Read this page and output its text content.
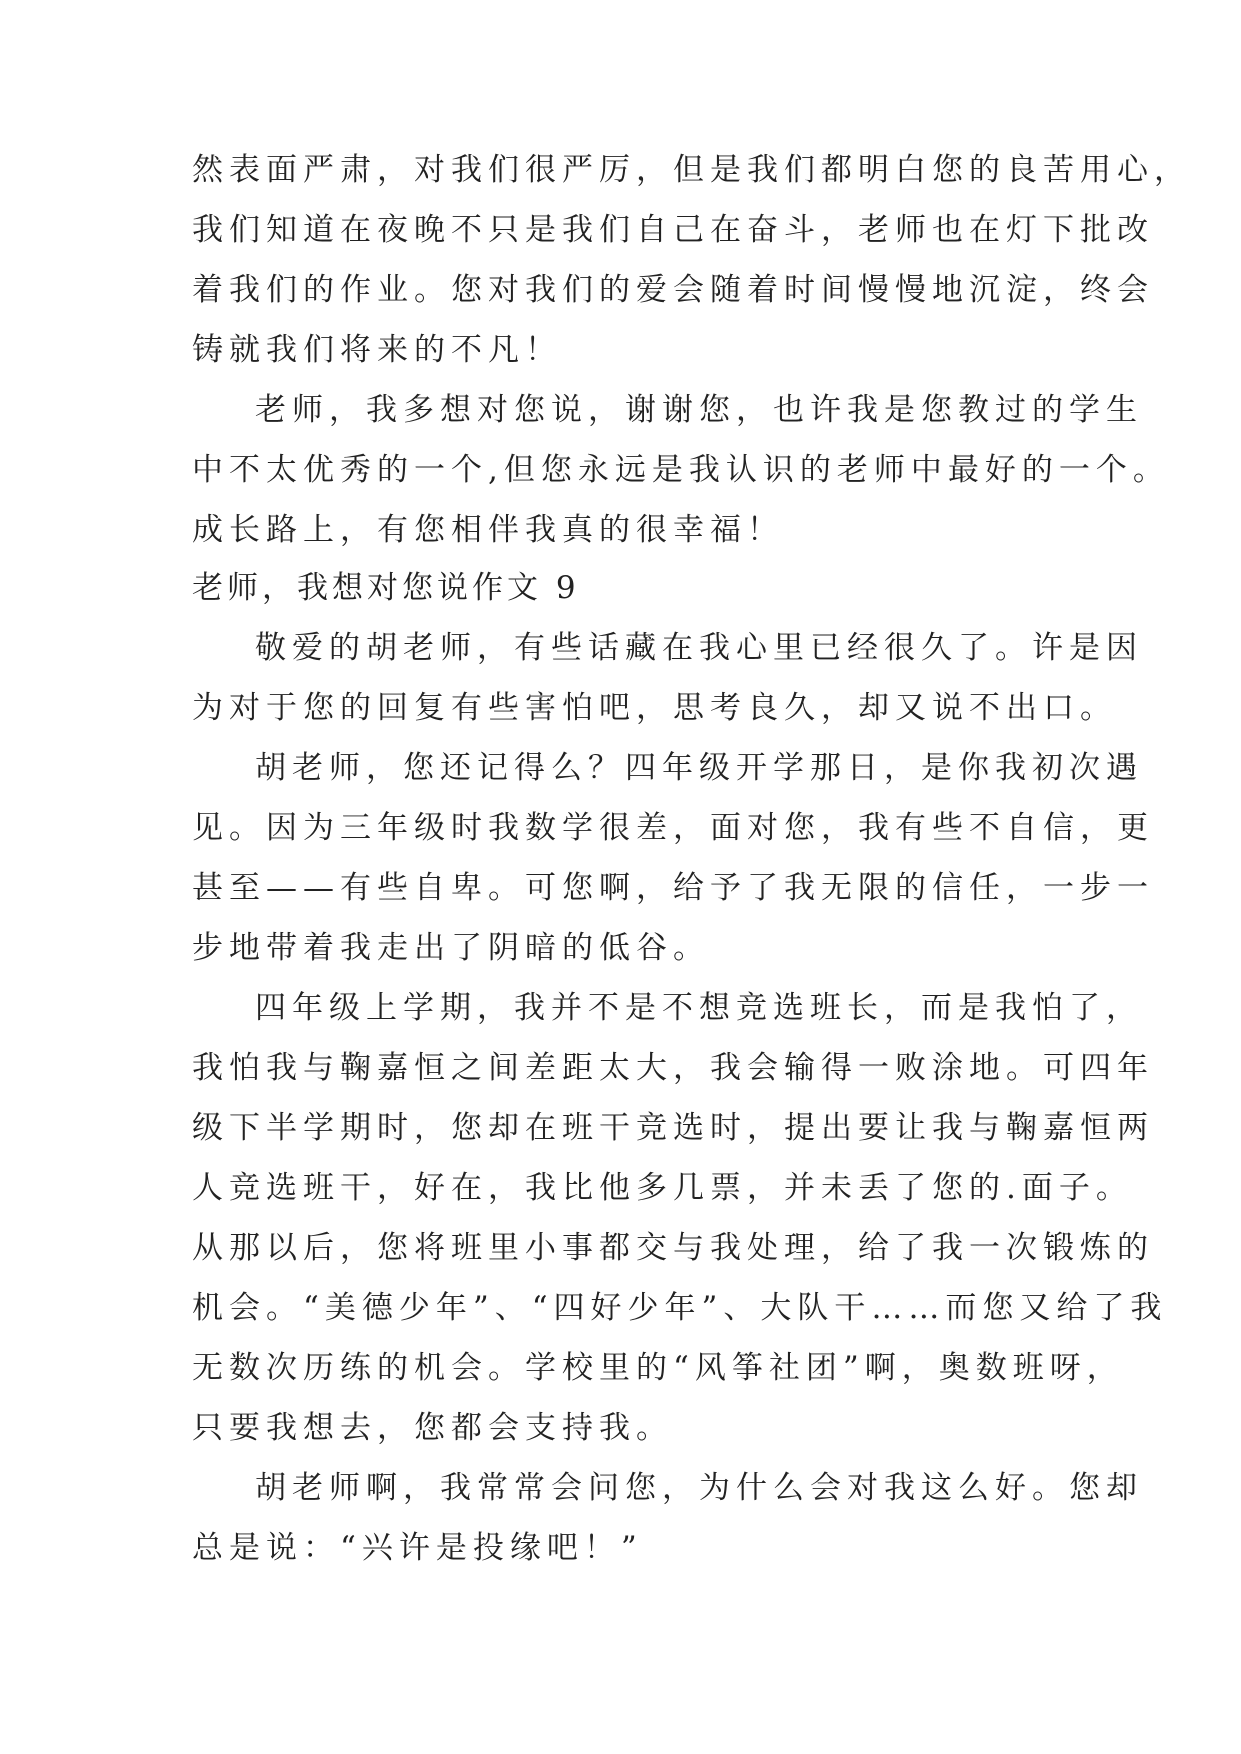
然表面严肃，对我们很严厉，但是我们都明白您的良苦用心，
我们知道在夜晚不只是我们自己在奋斗，老师也在灯下批改
着我们的作业。您对我们的爱会随着时间慢慢地沉淀，终会
铸就我们将来的不凡！
老师，我多想对您说，谢谢您，也许我是您教过的学生
中不太优秀的一个,但您永远是我认识的老师中最好的一个。
成长路上，有您相伴我真的很幸福！
老师，我想对您说作文 9
敬爱的胡老师，有些话藏在我心里已经很久了。许是因
为对于您的回复有些害怕吧，思考良久，却又说不出口。
胡老师，您还记得么？四年级开学那日，是你我初次遇
见。因为三年级时我数学很差，面对您，我有些不自信，更
甚至——有些自卑。可您啊，给予了我无限的信任，一步一
步地带着我走出了阴暗的低谷。
四年级上学期，我并不是不想竞选班长，而是我怕了，
我怕我与鞠嘉恒之间差距太大，我会输得一败涂地。可四年
级下半学期时，您却在班干竞选时，提出要让我与鞠嘉恒两
人竞选班干，好在，我比他多几票，并未丢了您的.面子。
从那以后，您将班里小事都交与我处理，给了我一次锻炼的
机会。“美德少年”、“四好少年”、大队干……而您又给了我
无数次历练的机会。学校里的“风筝社团”啊，奥数班呀，
只要我想去，您都会支持我。
胡老师啊，我常常会问您，为什么会对我这么好。您却
总是说：“兴许是投缘吧！”
